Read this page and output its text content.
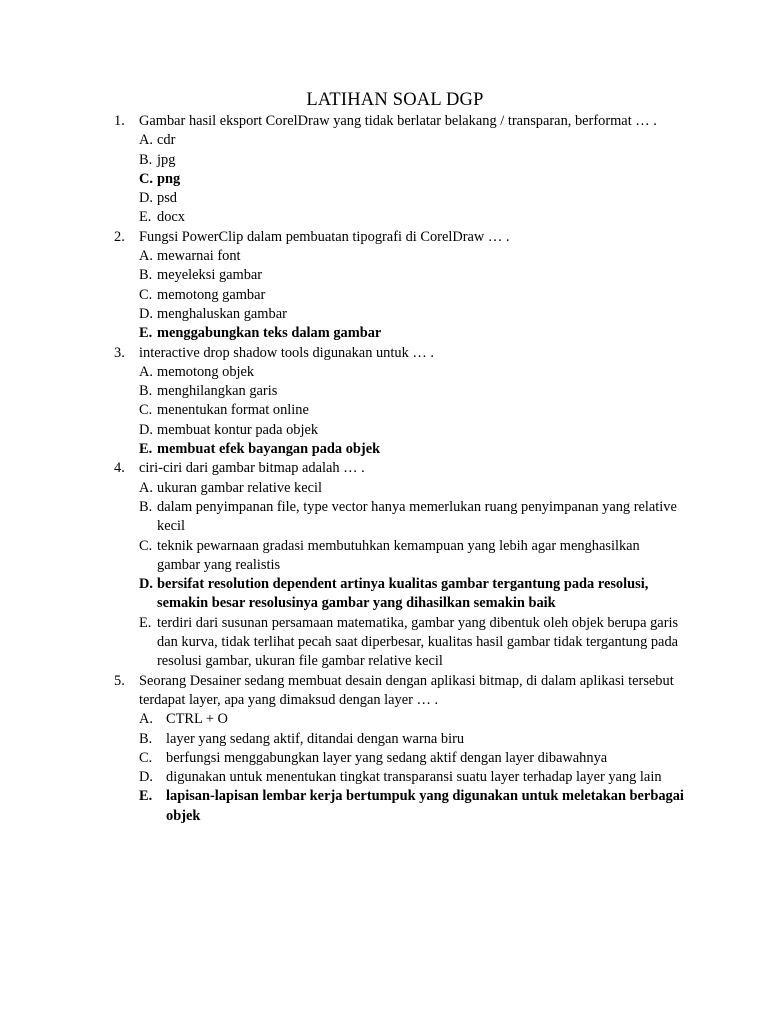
LATIHAN SOAL DGP
1. Gambar hasil eksport CorelDraw yang tidak berlatar belakang / transparan, berformat … .
A. cdr
B. jpg
C. png
D. psd
E. docx
2. Fungsi PowerClip dalam pembuatan tipografi di CorelDraw … .
A. mewarnai font
B. meyeleksi gambar
C. memotong gambar
D. menghaluskan gambar
E. menggabungkan teks dalam gambar
3. interactive drop shadow tools digunakan untuk … .
A. memotong objek
B. menghilangkan garis
C. menentukan format online
D. membuat kontur pada objek
E. membuat efek bayangan pada objek
4. ciri-ciri dari gambar bitmap adalah … .
A. ukuran gambar relative kecil
B. dalam penyimpanan file, type vector hanya memerlukan ruang penyimpanan yang relative kecil
C. teknik pewarnaan gradasi membutuhkan kemampuan yang lebih agar menghasilkan gambar yang realistis
D. bersifat resolution dependent artinya kualitas gambar tergantung pada resolusi, semakin besar resolusinya gambar yang dihasilkan semakin baik
E. terdiri dari susunan persamaan matematika, gambar yang dibentuk oleh objek berupa garis dan kurva, tidak terlihat pecah saat diperbesar, kualitas hasil gambar tidak tergantung pada resolusi gambar, ukuran file gambar relative kecil
5. Seorang Desainer sedang membuat desain dengan aplikasi bitmap, di dalam aplikasi tersebut terdapat layer, apa yang dimaksud dengan layer … .
A. CTRL + O
B. layer yang sedang aktif, ditandai dengan warna biru
C. berfungsi menggabungkan layer yang sedang aktif dengan layer dibawahnya
D. digunakan untuk menentukan tingkat transparansi suatu layer terhadap layer yang lain
E. lapisan-lapisan lembar kerja bertumpuk yang digunakan untuk meletakan berbagai objek
